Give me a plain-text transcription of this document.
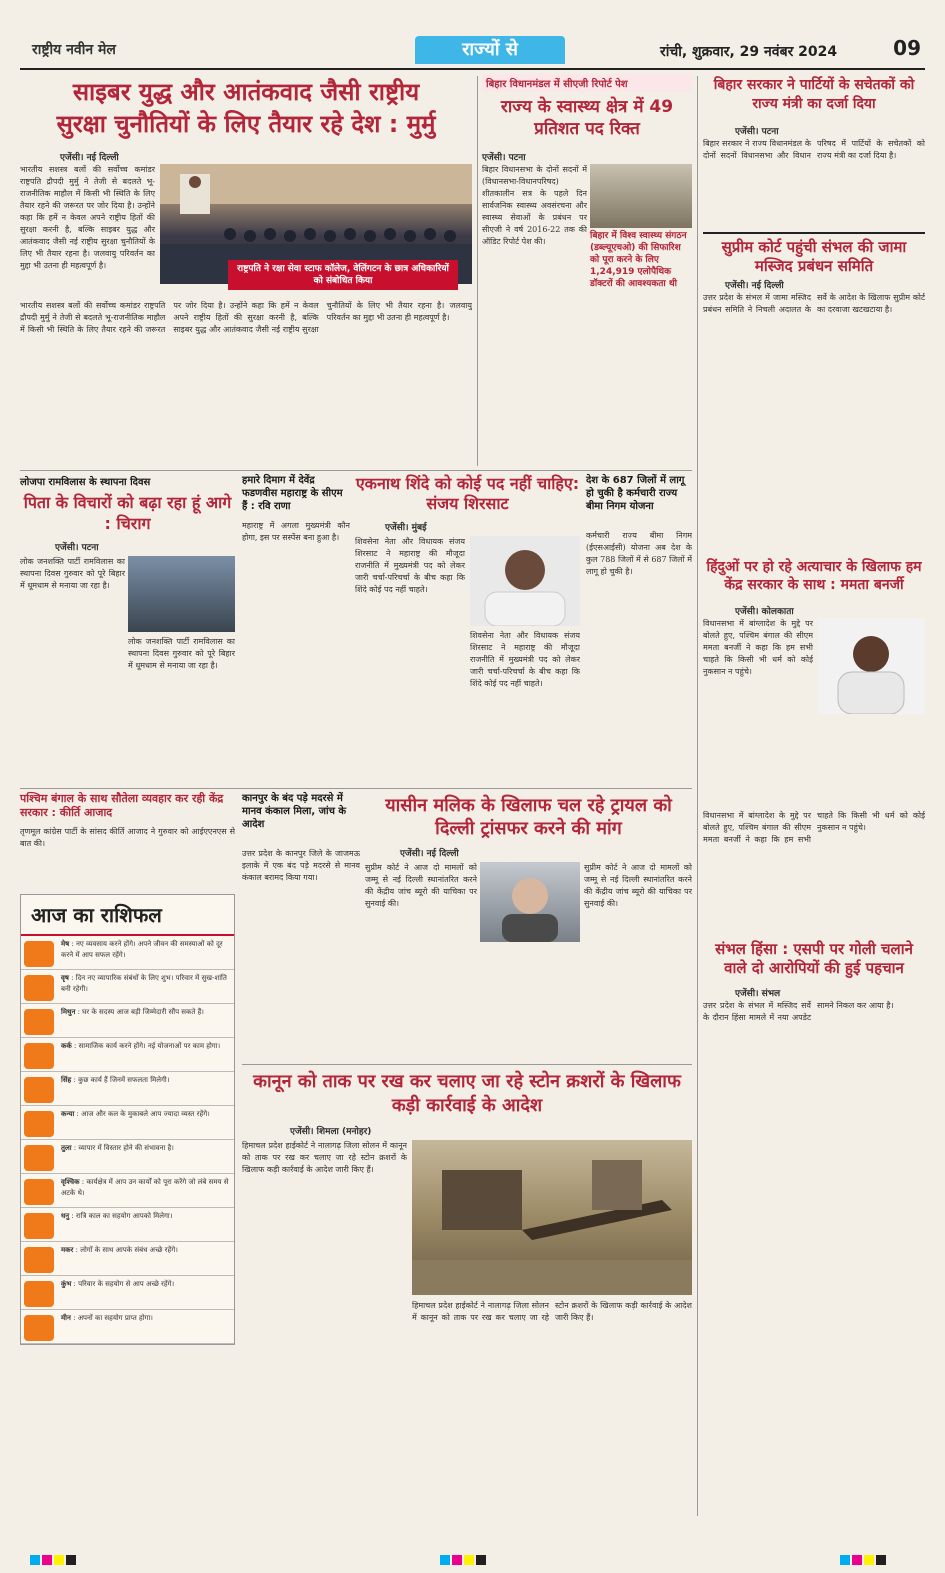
राष्ट्रीय नवीन मेल	राज्यों से	रांची, शुक्रवार, 29 नवंबर 2024	09
साइबर युद्ध और आतंकवाद जैसी राष्ट्रीय
सुरक्षा चुनौतियों के लिए तैयार रहे देश : मुर्मु
एजेंसी। नई दिल्ली
भारतीय सशस्त्र बलों की सर्वोच्च कमांडर राष्ट्रपति द्रौपदी मुर्मु ने तेजी से बदलते भू-राजनीतिक माहौल में किसी भी स्थिति के लिए तैयार रहने की जरूरत पर जोर दिया है। उन्होंने कहा कि हमें न केवल अपने राष्ट्रीय हितों की सुरक्षा करनी है, बल्कि साइबर युद्ध और आतंकवाद जैसी नई राष्ट्रीय सुरक्षा चुनौतियों के लिए भी तैयार रहना है। जलवायु परिवर्तन का मुद्दा भी उतना ही महत्वपूर्ण है।	राष्ट्रपति ने रक्षा सेवा स्टाफ कॉलेज, वेलिंगटन के छात्र अधिकारियों को संबोधित किया
भारतीय सशस्त्र बलों की सर्वोच्च कमांडर राष्ट्रपति द्रौपदी मुर्मु ने तेजी से बदलते भू-राजनीतिक माहौल में किसी भी स्थिति के लिए तैयार रहने की जरूरत पर जोर दिया है। उन्होंने कहा कि हमें न केवल अपने राष्ट्रीय हितों की सुरक्षा करनी है, बल्कि साइबर युद्ध और आतंकवाद जैसी नई राष्ट्रीय सुरक्षा चुनौतियों के लिए भी तैयार रहना है। जलवायु परिवर्तन का मुद्दा भी उतना ही महत्वपूर्ण है।
बिहार विधानमंडल में सीएजी रिपोर्ट पेश
राज्य के स्वास्थ्य क्षेत्र में 49 प्रतिशत पद रिक्त
एजेंसी। पटना
बिहार विधानसभा के दोनों सदनों में (विधानसभा-विधानपरिषद) शीतकालीन सत्र के पहले दिन सार्वजनिक स्वास्थ्य अवसंरचना और स्वास्थ्य सेवाओं के प्रबंधन पर सीएजी ने वर्ष 2016-22 तक की ऑडिट रिपोर्ट पेश की।
बिहार में विश्व स्वास्थ्य संगठन (डब्ल्यूएचओ) की सिफारिश को पूरा करने के लिए 1,24,919 एलोपैथिक डॉक्टरों की आवश्यकता थी
बिहार सरकार ने पार्टियों के सचेतकों को राज्य मंत्री का दर्जा दिया
एजेंसी। पटना
बिहार सरकार ने राज्य विधानमंडल के दोनों सदनों विधानसभा और विधान परिषद में पार्टियों के सचेतकों को राज्य मंत्री का दर्जा दिया है।
सुप्रीम कोर्ट पहुंची संभल की जामा मस्जिद प्रबंधन समिति
एजेंसी। नई दिल्ली
उत्तर प्रदेश के संभल में जामा मस्जिद प्रबंधन समिति ने निचली अदालत के सर्वे के आदेश के खिलाफ सुप्रीम कोर्ट का दरवाजा खटखटाया है।
हिंदुओं पर हो रहे अत्याचार के खिलाफ हम केंद्र सरकार के साथ : ममता बनर्जी
एजेंसी। कोलकाता
विधानसभा में बांग्लादेश के मुद्दे पर बोलते हुए, पश्चिम बंगाल की सीएम ममता बनर्जी ने कहा कि हम सभी चाहते कि किसी भी धर्म को कोई नुकसान न पहुंचे।
विधानसभा में बांग्लादेश के मुद्दे पर बोलते हुए, पश्चिम बंगाल की सीएम ममता बनर्जी ने कहा कि हम सभी चाहते कि किसी भी धर्म को कोई नुकसान न पहुंचे।
संभल हिंसा : एसपी पर गोली चलाने वाले दो आरोपियों की हुई पहचान
एजेंसी। संभल
उत्तर प्रदेश के संभल में मस्जिद सर्वे के दौरान हिंसा मामले में नया अपडेट सामने निकल कर आया है।
लोजपा रामविलास के स्थापना दिवस
पिता के विचारों को बढ़ा रहा हूं आगे : चिराग
एजेंसी। पटना
लोक जनशक्ति पार्टी रामविलास का स्थापना दिवस गुरुवार को पूरे बिहार में धूमधाम से मनाया जा रहा है।
लोक जनशक्ति पार्टी रामविलास का स्थापना दिवस गुरुवार को पूरे बिहार में धूमधाम से मनाया जा रहा है।
हमारे दिमाग में देवेंद्र फडणवीस महाराष्ट्र के सीएम हैं : रवि राणा
महाराष्ट्र में अगला मुख्यमंत्री कौन होगा, इस पर सस्पेंस बना हुआ है।
एकनाथ शिंदे को कोई पद नहीं चाहिए: संजय शिरसाट
एजेंसी। मुंबई
शिवसेना नेता और विधायक संजय शिरसाट ने महाराष्ट्र की मौजूदा राजनीति में मुख्यमंत्री पद को लेकर जारी चर्चा-परिचर्चा के बीच कहा कि शिंदे कोई पद नहीं चाहते।
शिवसेना नेता और विधायक संजय शिरसाट ने महाराष्ट्र की मौजूदा राजनीति में मुख्यमंत्री पद को लेकर जारी चर्चा-परिचर्चा के बीच कहा कि शिंदे कोई पद नहीं चाहते।
देश के 687 जिलों में लागू हो चुकी है कर्मचारी राज्य बीमा निगम योजना
कर्मचारी राज्य बीमा निगम (ईएसआईसी) योजना अब देश के कुल 788 जिलों में से 687 जिलों में लागू हो चुकी है।
पश्चिम बंगाल के साथ सौतेला व्यवहार कर रही केंद्र सरकार : कीर्ति आजाद
तृणमूल कांग्रेस पार्टी के सांसद कीर्ति आजाद ने गुरुवार को आईएएनएस से बात की।
कानपुर के बंद पड़े मदरसे में मानव कंकाल मिला, जांच के आदेश
उत्तर प्रदेश के कानपुर जिले के जाजमऊ इलाके में एक बंद पड़े मदरसे से मानव कंकाल बरामद किया गया।
यासीन मलिक के खिलाफ चल रहे ट्रायल को दिल्ली ट्रांसफर करने की मांग
एजेंसी। नई दिल्ली
सुप्रीम कोर्ट ने आज दो मामलों को जम्मू से नई दिल्ली स्थानांतरित करने की केंद्रीय जांच ब्यूरो की याचिका पर सुनवाई की।
सुप्रीम कोर्ट ने आज दो मामलों को जम्मू से नई दिल्ली स्थानांतरित करने की केंद्रीय जांच ब्यूरो की याचिका पर सुनवाई की।
आज का राशिफल
मेष : नए व्यवसाय करने होंगे। अपने जीवन की समस्याओं को दूर करने में आप सफल रहेंगे।
वृष : दिन नए व्यापारिक संबंधों के लिए शुभ। परिवार में सुख-शांति बनी रहेगी।
मिथुन : घर के सदस्य आज बड़ी जिम्मेदारी सौंप सकते हैं।
कर्क : सामाजिक कार्य करने होंगे। नई योजनाओं पर काम होगा।
सिंह : कुछ कार्य हैं जिनमें सफलता मिलेगी।
कन्या : आज और कल के मुकाबले आप ज्यादा व्यस्त रहेंगे।
तुला : व्यापार में विस्तार होने की संभावना है।
वृश्चिक : कार्यक्षेत्र में आप उन कार्यों को पूरा करेंगे जो लंबे समय से अटके थे।
धनु : रात्रि काल का सहयोग आपको मिलेगा।
मकर : लोगों के साथ आपके संबंध अच्छे रहेंगे।
कुंभ : परिवार के सहयोग से आप अच्छे रहेंगे।
मीन : अपनों का सहयोग प्राप्त होगा।
कानून को ताक पर रख कर चलाए जा रहे स्टोन क्रशरों के खिलाफ कड़ी कार्रवाई के आदेश
एजेंसी। शिमला (मनोहर)
हिमाचल प्रदेश हाईकोर्ट ने नालागढ़ जिला सोलन में कानून को ताक पर रख कर चलाए जा रहे स्टोन क्रशरों के खिलाफ कड़ी कार्रवाई के आदेश जारी किए हैं।
हिमाचल प्रदेश हाईकोर्ट ने नालागढ़ जिला सोलन में कानून को ताक पर रख कर चलाए जा रहे स्टोन क्रशरों के खिलाफ कड़ी कार्रवाई के आदेश जारी किए हैं।
